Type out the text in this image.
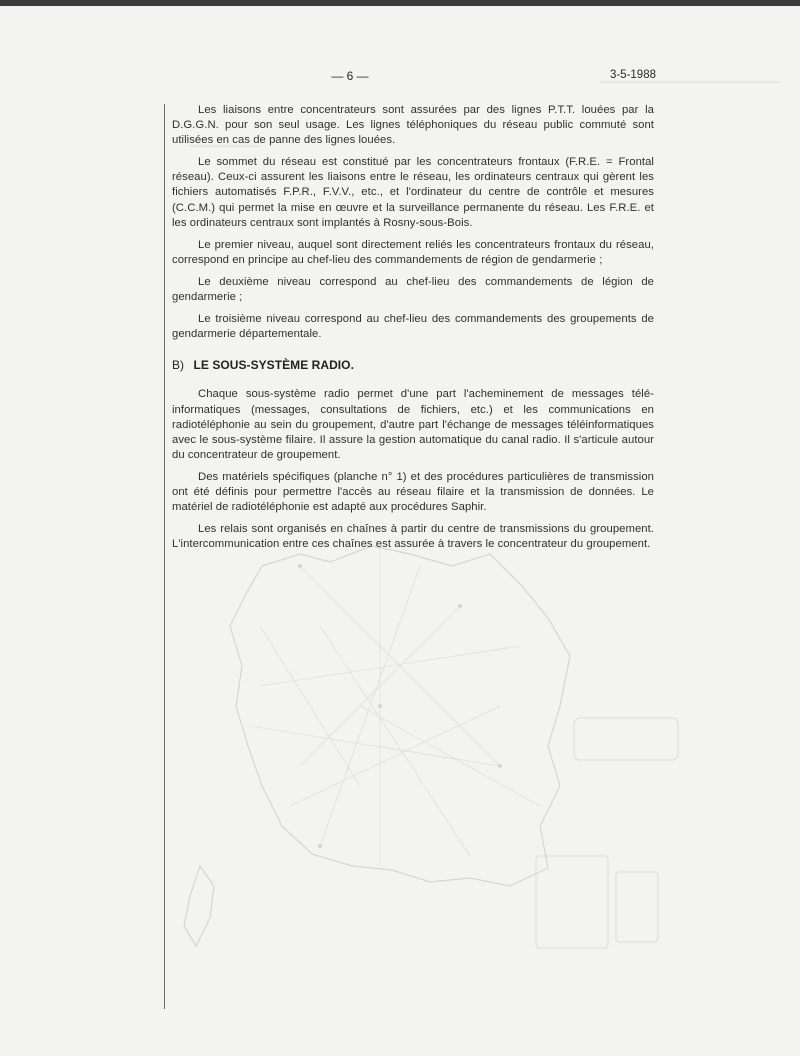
— 6 —	3-5-1988

Les liaisons entre concentrateurs sont assurées par des lignes P.T.T. louées par la D.G.G.N. pour son seul usage. Les lignes téléphoniques du réseau public commuté sont utilisées en cas de panne des lignes louées.

Le sommet du réseau est constitué par les concentrateurs frontaux (F.R.E. = Frontal réseau). Ceux-ci assurent les liaisons entre le réseau, les ordinateurs centraux qui gèrent les fichiers automatisés F.P.R., F.V.V., etc., et l'ordinateur du centre de contrôle et mesures (C.C.M.) qui permet la mise en œuvre et la surveillance permanente du réseau. Les F.R.E. et les ordinateurs centraux sont implantés à Rosny-sous-Bois.

Le premier niveau, auquel sont directement reliés les concentrateurs frontaux du réseau, correspond en principe au chef-lieu des commandements de région de gendarmerie ;

Le deuxième niveau correspond au chef-lieu des commandements de légion de gendarmerie ;

Le troisième niveau correspond au chef-lieu des commandements des groupements de gendarmerie départementale.

B) LE SOUS-SYSTÈME RADIO.

Chaque sous-système radio permet d'une part l'acheminement de messages télé-informatiques (messages, consultations de fichiers, etc.) et les communications en radiotéléphonie au sein du groupement, d'autre part l'échange de messages téléinformatiques avec le sous-système filaire. Il assure la gestion automatique du canal radio. Il s'articule autour du concentrateur de groupement.

Des matériels spécifiques (planche n° 1) et des procédures particulières de transmission ont été définis pour permettre l'accès au réseau filaire et la transmission de données. Le matériel de radiotéléphonie est adapté aux procédures Saphir.

Les relais sont organisés en chaînes à partir du centre de transmissions du groupement. L'intercommunication entre ces chaînes est assurée à travers le concentrateur du groupement.
